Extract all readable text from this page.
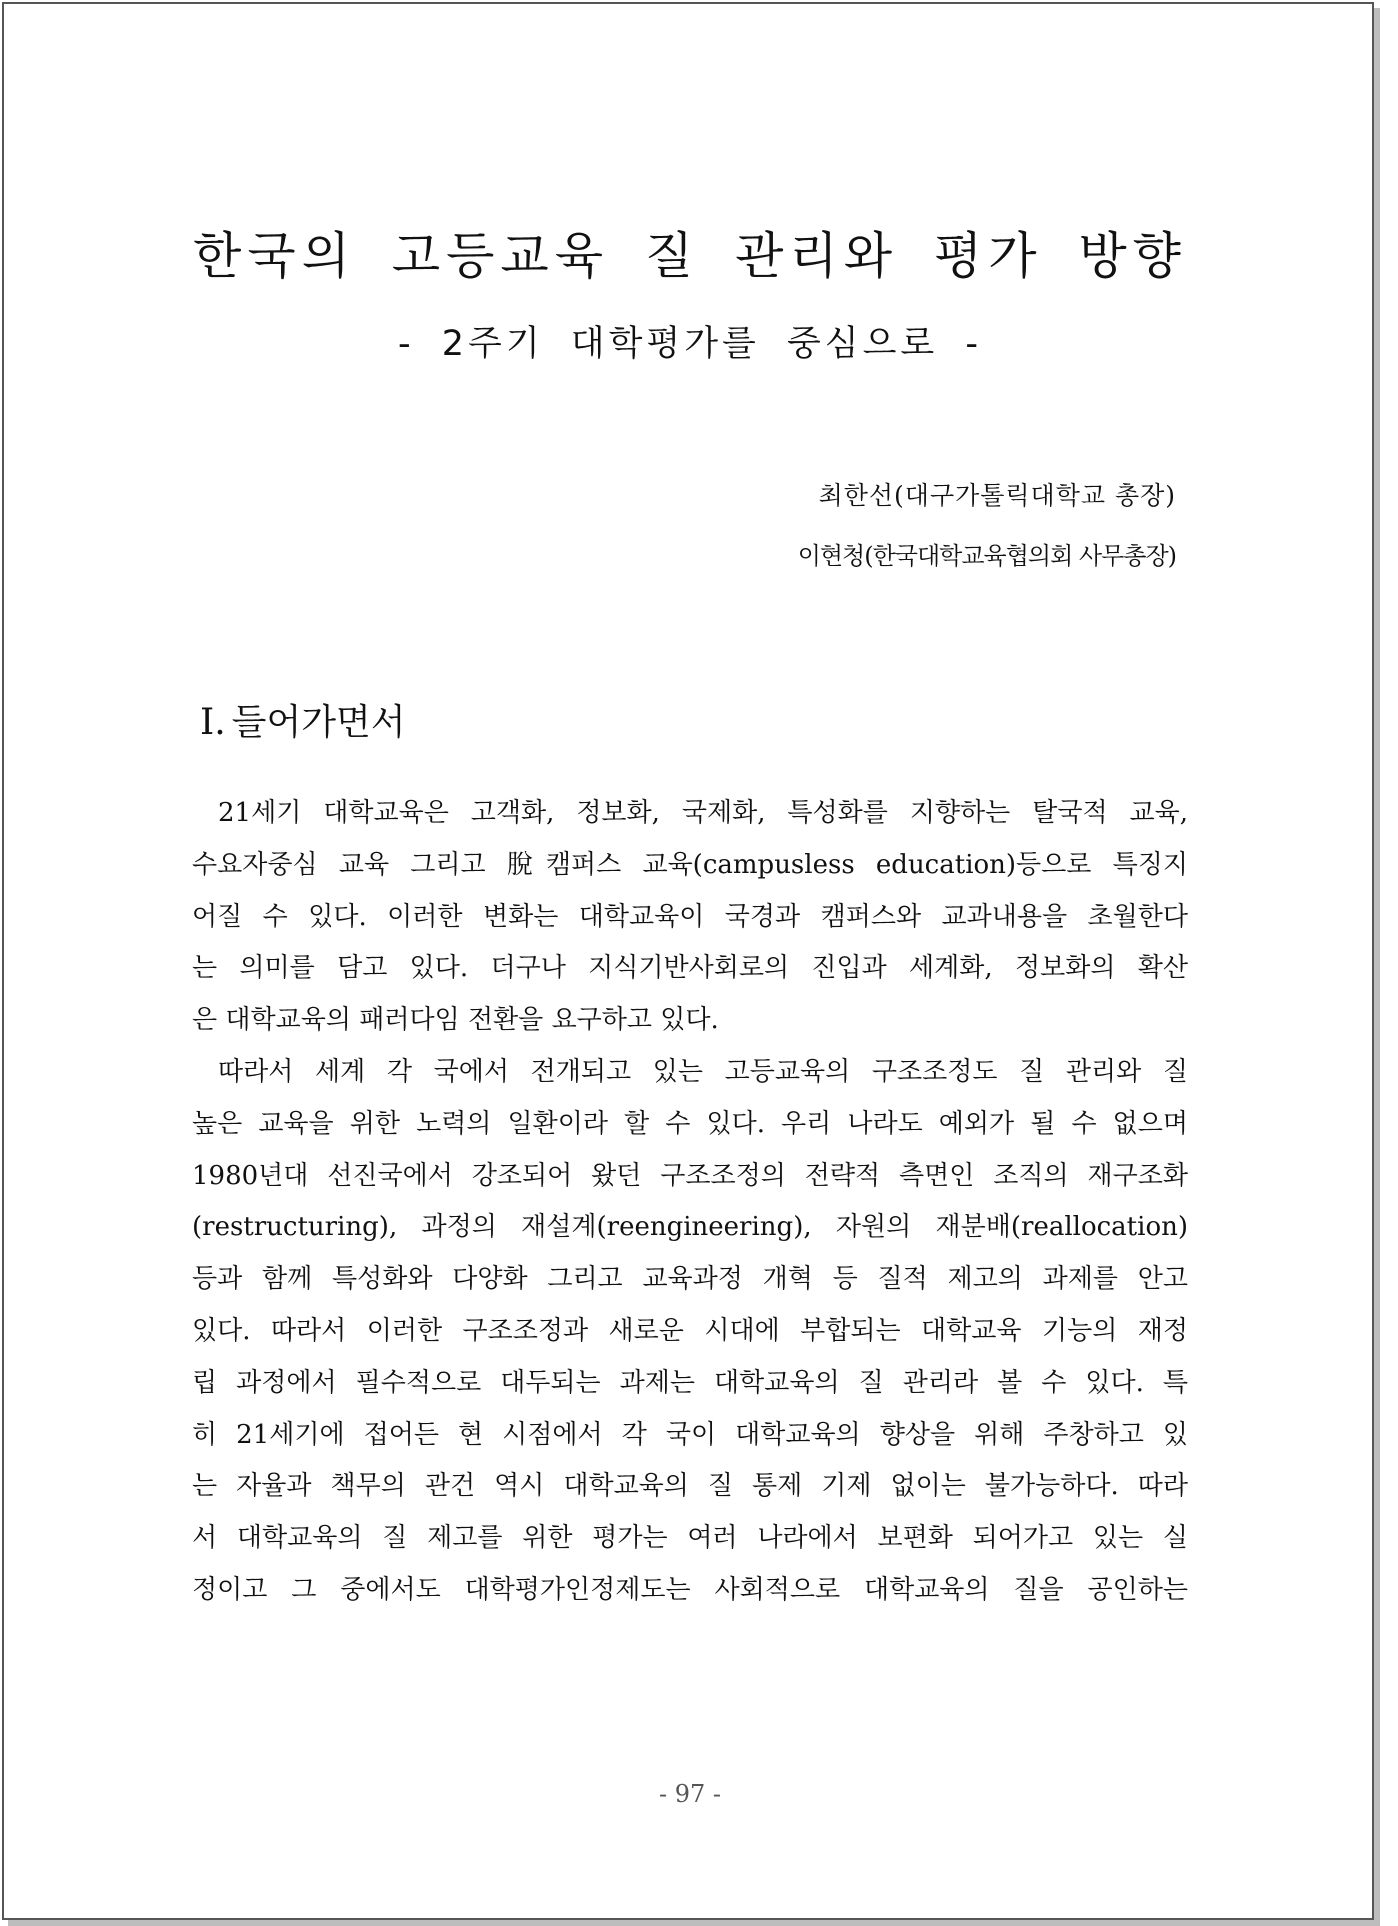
한국의 고등교육 질 관리와 평가 방향
- 2주기 대학평가를 중심으로 -
최한선(대구가톨릭대학교 총장)
이현청(한국대학교육협의회 사무총장)
Ⅰ. 들어가면서
21세기 대학교육은 고객화, 정보화, 국제화, 특성화를 지향하는 탈국적 교육,
수요자중심 교육 그리고 脫캠퍼스 교육(campusless education)등으로 특징지
어질 수 있다. 이러한 변화는 대학교육이 국경과 캠퍼스와 교과내용을 초월한다
는 의미를 담고 있다. 더구나 지식기반사회로의 진입과 세계화, 정보화의 확산
은 대학교육의 패러다임 전환을 요구하고 있다.
따라서 세계 각 국에서 전개되고 있는 고등교육의 구조조정도 질 관리와 질
높은 교육을 위한 노력의 일환이라 할 수 있다. 우리 나라도 예외가 될 수 없으며
1980년대 선진국에서 강조되어 왔던 구조조정의 전략적 측면인 조직의 재구조화
(restructuring), 과정의 재설계(reengineering), 자원의 재분배(reallocation)
등과 함께 특성화와 다양화 그리고 교육과정 개혁 등 질적 제고의 과제를 안고
있다. 따라서 이러한 구조조정과 새로운 시대에 부합되는 대학교육 기능의 재정
립 과정에서 필수적으로 대두되는 과제는 대학교육의 질 관리라 볼 수 있다. 특
히 21세기에 접어든 현 시점에서 각 국이 대학교육의 향상을 위해 주창하고 있
는 자율과 책무의 관건 역시 대학교육의 질 통제 기제 없이는 불가능하다. 따라
서 대학교육의 질 제고를 위한 평가는 여러 나라에서 보편화 되어가고 있는 실
정이고 그 중에서도 대학평가인정제도는 사회적으로 대학교육의 질을 공인하는
- 97 -
